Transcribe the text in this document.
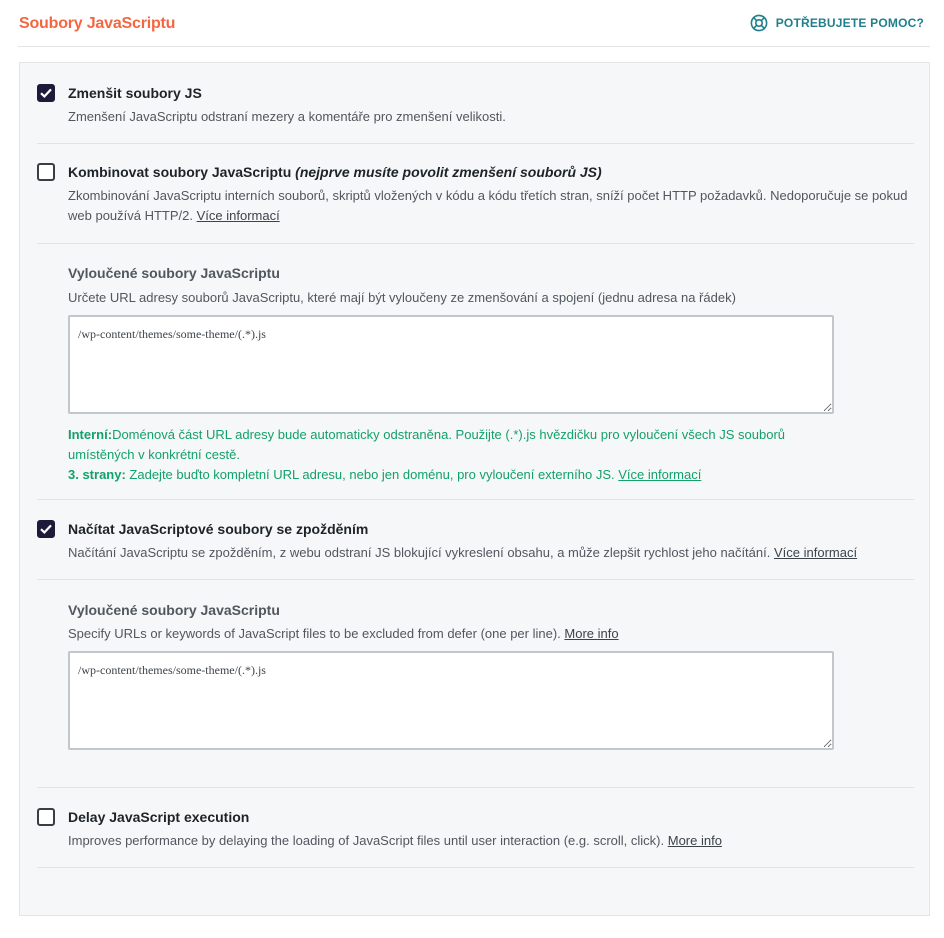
Soubory JavaScriptu	POTŘEBUJETE POMOC?
Zmenšit soubory JS
Zmenšení JavaScriptu odstraní mezery a komentáře pro zmenšení velikosti.
Kombinovat soubory JavaScriptu (nejprve musíte povolit zmenšení souborů JS)
Zkombinování JavaScriptu interních souborů, skriptů vložených v kódu a kódu třetích stran, sníží počet HTTP požadavků. Nedoporučuje se pokud web používá HTTP/2. Více informací
Vyloučené soubory JavaScriptu
Určete URL adresy souborů JavaScriptu, které mají být vyloučeny ze zmenšování a spojení (jednu adresa na řádek)
/wp-content/themes/some-theme/(.*).js
Interní:Doménová část URL adresy bude automaticky odstraněna. Použijte (.*).js hvězdičku pro vyloučení všech JS souborů umístěných v konkrétní cestě.
3. strany: Zadejte buďto kompletní URL adresu, nebo jen doménu, pro vyloučení externího JS. Více informací
Načítat JavaScriptové soubory se zpožděním
Načítání JavaScriptu se zpožděním, z webu odstraní JS blokující vykreslení obsahu, a může zlepšit rychlost jeho načítání. Více informací
Vyloučené soubory JavaScriptu
Specify URLs or keywords of JavaScript files to be excluded from defer (one per line). More info
/wp-content/themes/some-theme/(.*).js
Delay JavaScript execution
Improves performance by delaying the loading of JavaScript files until user interaction (e.g. scroll, click). More info
